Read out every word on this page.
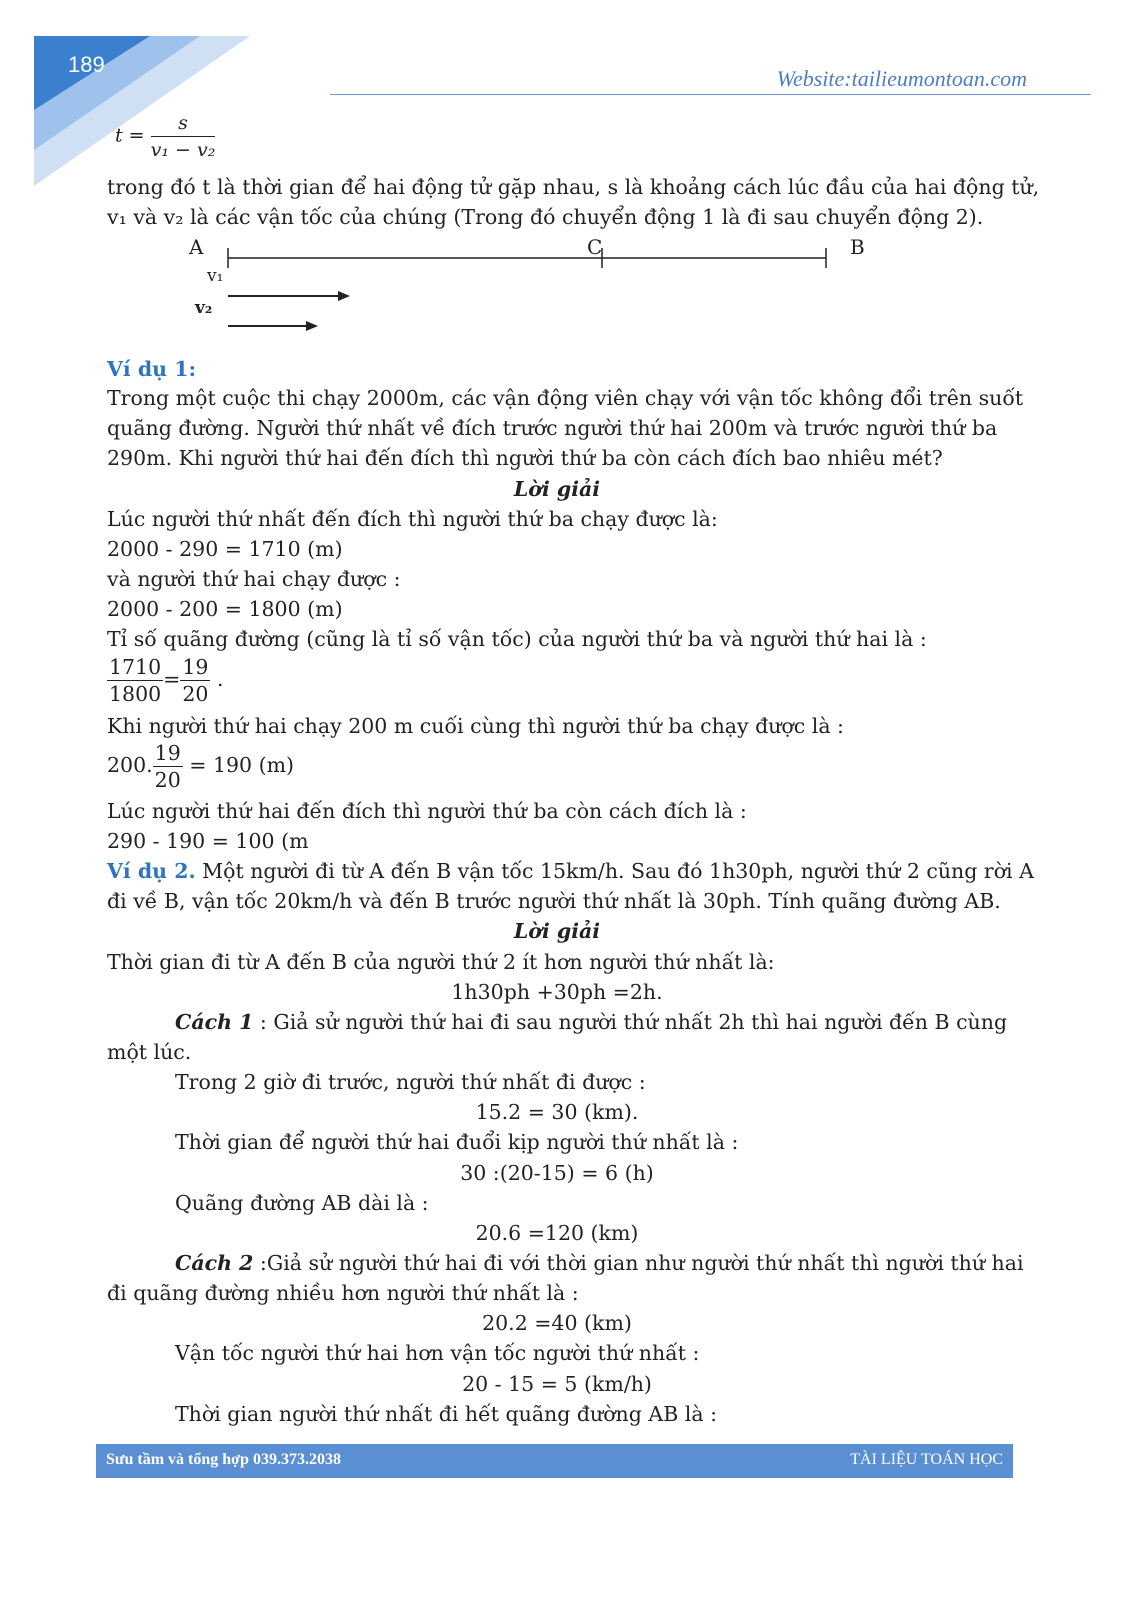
189
Website:tailieumontoan.com
$t = \frac{s}{\text{v₁ − v₂}}$
trong đó t là thời gian để hai động tử gặp nhau, s là khoảng cách lúc đầu của hai động tử,
v₁ và v₂ là các vận tốc của chúng (Trong đó chuyển động 1 là đi sau chuyển động 2).
A	C	B
v₁
v₂
Ví dụ 1:
Trong một cuộc thi chạy 2000m, các vận động viên chạy với vận tốc không đổi trên suốt
quãng đường. Người thứ nhất về đích trước người thứ hai 200m và trước người thứ ba
290m. Khi người thứ hai đến đích thì người thứ ba còn cách đích bao nhiêu mét?
Lời giải
Lúc người thứ nhất đến đích thì người thứ ba chạy được là:
2000 - 290 = 1710 (m)
và người thứ hai chạy được :
2000 - 200 = 1800 (m)
Tỉ số quãng đường (cũng là tỉ số vận tốc) của người thứ ba và người thứ hai là :
$\frac{1710}{1800} = \frac{19}{20}$ .
Khi người thứ hai chạy 200 m cuối cùng thì người thứ ba chạy được là :
200. $\frac{19}{20} = 190$ (m)
Lúc người thứ hai đến đích thì người thứ ba còn cách đích là :
290 - 190 = 100 (m
Ví dụ 2. Một người đi từ A đến B vận tốc 15km/h. Sau đó 1h30ph, người thứ 2 cũng rời A
đi về B, vận tốc 20km/h và đến B trước người thứ nhất là 30ph. Tính quãng đường AB.
Lời giải
Thời gian đi từ A đến B của người thứ 2 ít hơn người thứ nhất là:
1h30ph +30ph =2h.
Cách 1 : Giả sử người thứ hai đi sau người thứ nhất 2h thì hai người đến B cùng
một lúc.
Trong 2 giờ đi trước, người thứ nhất đi được :
15.2 = 30 (km).
Thời gian để người thứ hai đuổi kịp người thứ nhất là :
30 :(20-15) = 6 (h)
Quãng đường AB dài là :
20.6 =120 (km)
Cách 2 :Giả sử người thứ hai đi với thời gian như người thứ nhất thì người thứ hai
đi quãng đường nhiều hơn người thứ nhất là :
20.2 =40 (km)
Vận tốc người thứ hai hơn vận tốc người thứ nhất :
20 - 15 = 5 (km/h)
Thời gian người thứ nhất đi hết quãng đường AB là :
Sưu tầm và tổng hợp 039.373.2038	TÀI LIỆU TOÁN HỌC
